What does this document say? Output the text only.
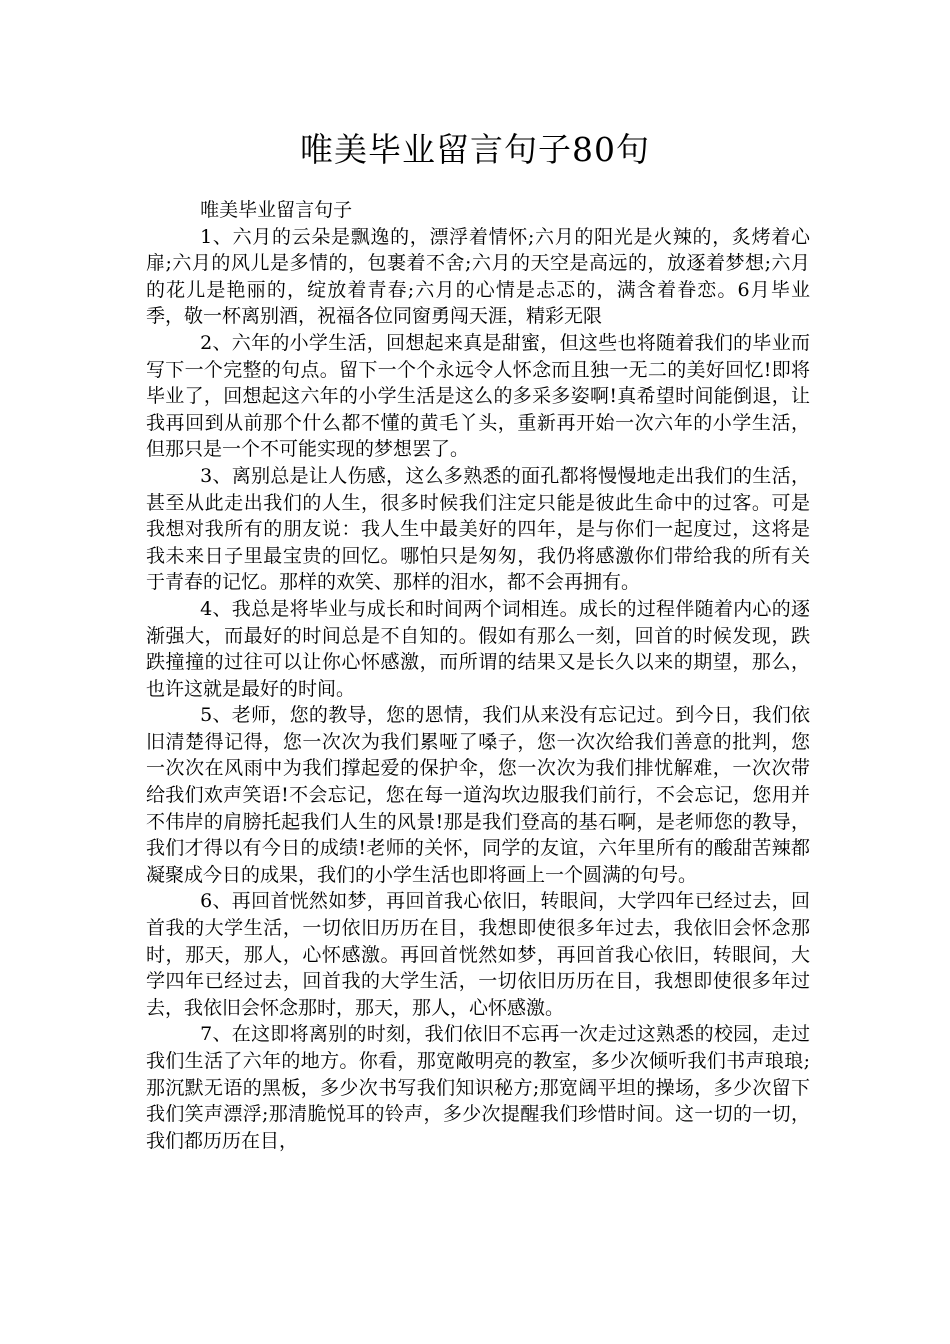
唯美毕业留言句子80句

唯美毕业留言句子

1、六月的云朵是飘逸的，漂浮着情怀;六月的阳光是火辣的，炙烤着心扉;六月的风儿是多情的，包裹着不舍;六月的天空是高远的，放逐着梦想;六月的花儿是艳丽的，绽放着青春;六月的心情是忐忑的，满含着眷恋。6月毕业季，敬一杯离别酒，祝福各位同窗勇闯天涯，精彩无限

2、六年的小学生活，回想起来真是甜蜜，但这些也将随着我们的毕业而写下一个完整的句点。留下一个个永远令人怀念而且独一无二的美好回忆!即将毕业了，回想起这六年的小学生活是这么的多采多姿啊!真希望时间能倒退，让我再回到从前那个什么都不懂的黄毛丫头，重新再开始一次六年的小学生活，但那只是一个不可能实现的梦想罢了。

3、离别总是让人伤感，这么多熟悉的面孔都将慢慢地走出我们的生活，甚至从此走出我们的人生，很多时候我们注定只能是彼此生命中的过客。可是我想对我所有的朋友说：我人生中最美好的四年，是与你们一起度过，这将是我未来日子里最宝贵的回忆。哪怕只是匆匆，我仍将感激你们带给我的所有关于青春的记忆。那样的欢笑、那样的泪水，都不会再拥有。

4、我总是将毕业与成长和时间两个词相连。成长的过程伴随着内心的逐渐强大，而最好的时间总是不自知的。假如有那么一刻，回首的时候发现，跌跌撞撞的过往可以让你心怀感激，而所谓的结果又是长久以来的期望，那么，也许这就是最好的时间。

5、老师，您的教导，您的恩情，我们从来没有忘记过。到今日，我们依旧清楚得记得，您一次次为我们累哑了嗓子，您一次次给我们善意的批判，您一次次在风雨中为我们撑起爱的保护伞，您一次次为我们排忧解难，一次次带给我们欢声笑语!不会忘记，您在每一道沟坎边服我们前行，不会忘记，您用并不伟岸的肩膀托起我们人生的风景!那是我们登高的基石啊，是老师您的教导，我们才得以有今日的成绩!老师的关怀，同学的友谊，六年里所有的酸甜苦辣都凝聚成今日的成果，我们的小学生活也即将画上一个圆满的句号。

6、再回首恍然如梦，再回首我心依旧，转眼间，大学四年已经过去，回首我的大学生活，一切依旧历历在目，我想即使很多年过去，我依旧会怀念那时，那天，那人，心怀感激。再回首恍然如梦，再回首我心依旧，转眼间，大学四年已经过去，回首我的大学生活，一切依旧历历在目，我想即使很多年过去，我依旧会怀念那时，那天，那人，心怀感激。

7、在这即将离别的时刻，我们依旧不忘再一次走过这熟悉的校园，走过我们生活了六年的地方。你看，那宽敞明亮的教室，多少次倾听我们书声琅琅;那沉默无语的黑板，多少次书写我们知识秘方;那宽阔平坦的操场，多少次留下我们笑声漂浮;那清脆悦耳的铃声，多少次提醒我们珍惜时间。这一切的一切，我们都历历在目，
